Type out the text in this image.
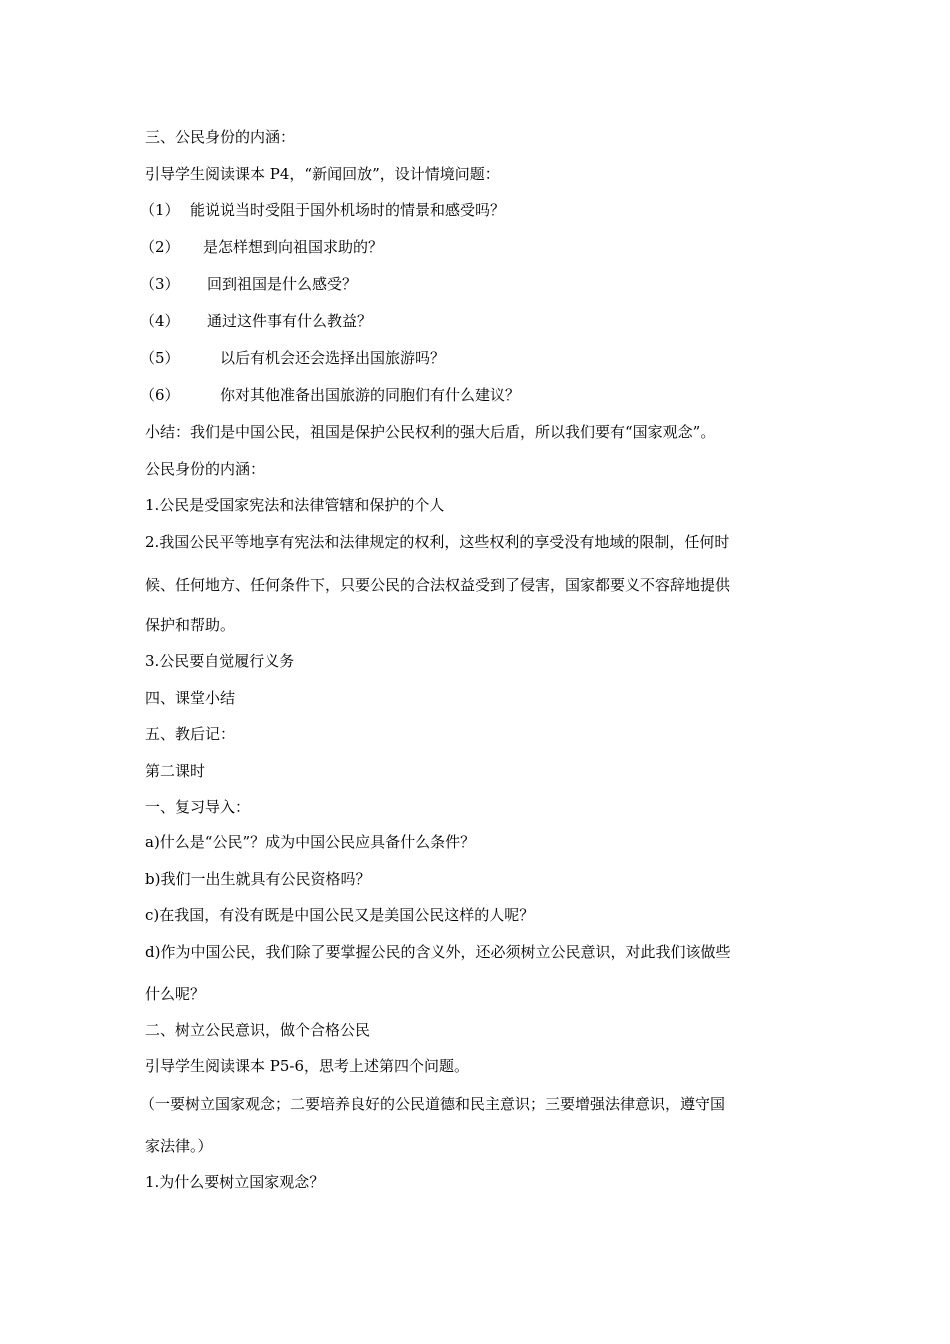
三、公民身份的内涵：
引导学生阅读课本 P4，“新闻回放”，设计情境问题：
（1） 能说说当时受阻于国外机场时的情景和感受吗？
（2） 是怎样想到向祖国求助的？
（3） 回到祖国是什么感受？
（4） 通过这件事有什么教益？
（5）	以后有机会还会选择出国旅游吗？
（6）	你对其他准备出国旅游的同胞们有什么建议？
小结：我们是中国公民，祖国是保护公民权利的强大后盾，所以我们要有“国家观念”。
公民身份的内涵：
1.公民是受国家宪法和法律管辖和保护的个人
2.我国公民平等地享有宪法和法律规定的权利，这些权利的享受没有地域的限制，任何时
候、任何地方、任何条件下，只要公民的合法权益受到了侵害，国家都要义不容辞地提供
保护和帮助。
3.公民要自觉履行义务
四、课堂小结
五、教后记：
第二课时
一、复习导入：
a)什么是“公民”？成为中国公民应具备什么条件？
b)我们一出生就具有公民资格吗？
c)在我国，有没有既是中国公民又是美国公民这样的人呢？
d)作为中国公民，我们除了要掌握公民的含义外，还必须树立公民意识，对此我们该做些
什么呢？
二、树立公民意识，做个合格公民
引导学生阅读课本 P5-6，思考上述第四个问题。
（一要树立国家观念；二要培养良好的公民道德和民主意识；三要增强法律意识，遵守国
家法律。）
1.为什么要树立国家观念？
